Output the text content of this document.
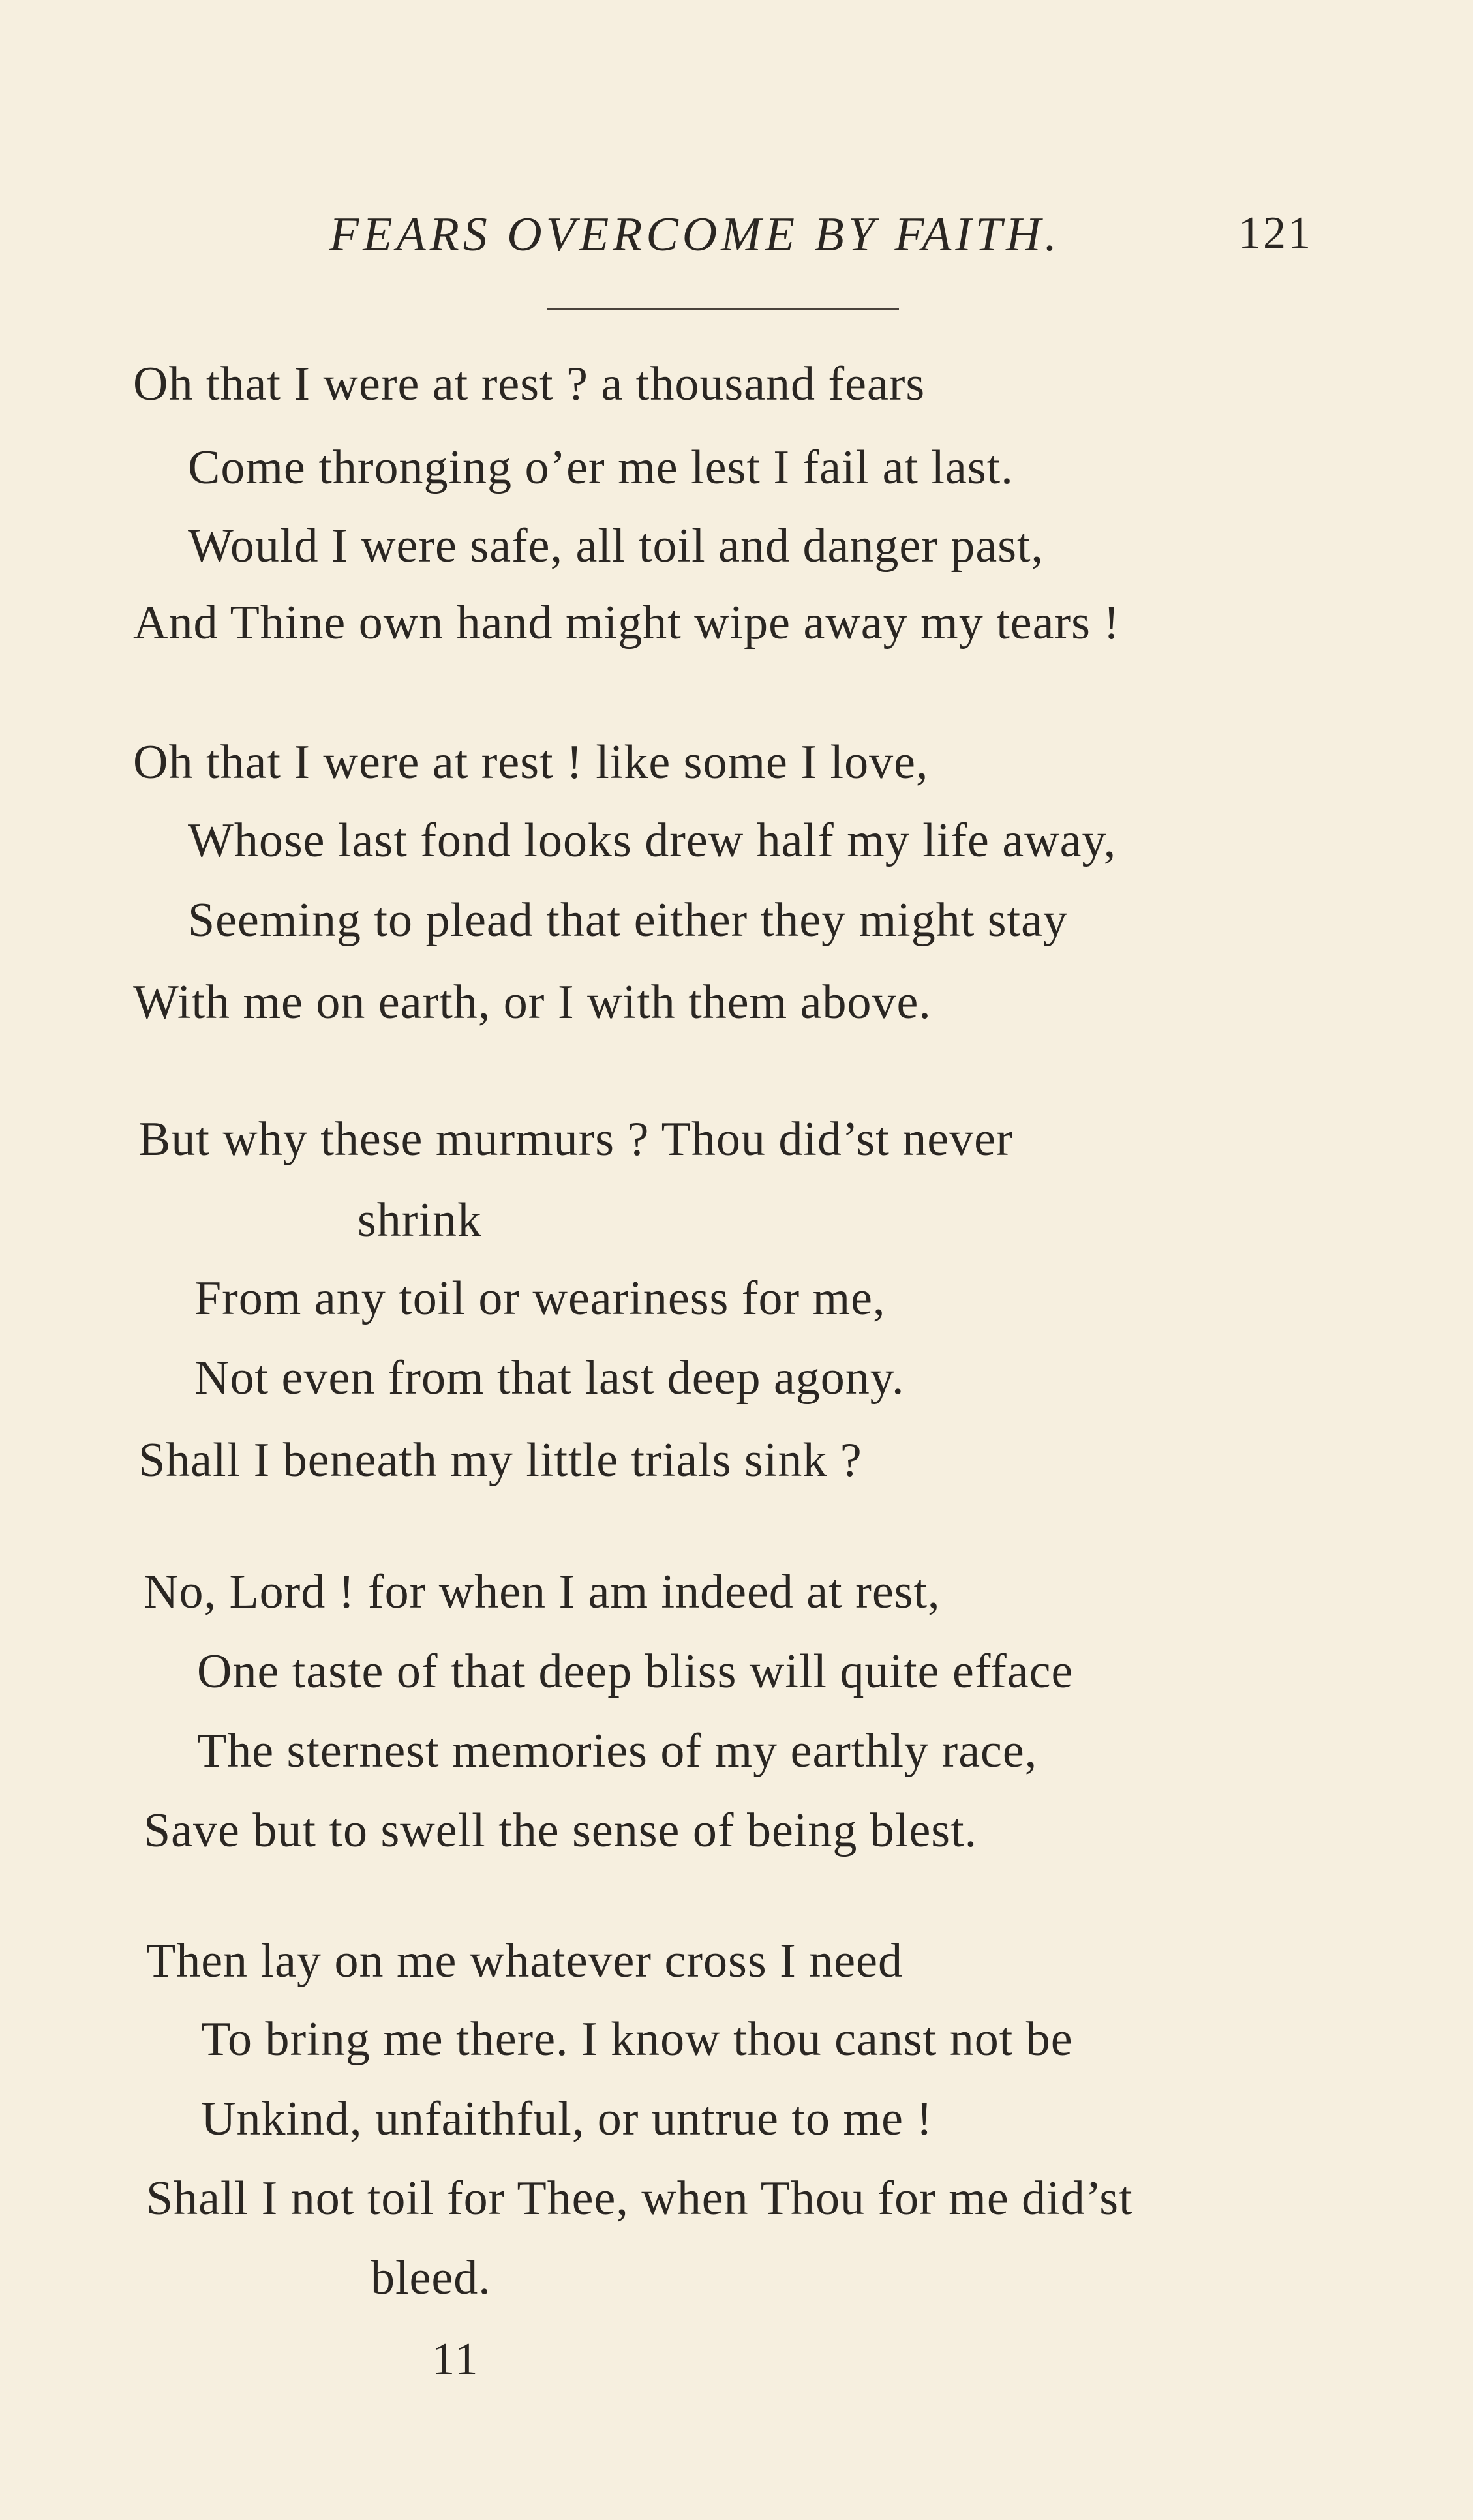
FEARS OVERCOME BY FAITH.	121
Oh that I were at rest ? a thousand fears
Come thronging o’er me lest I fail at last.
Would I were safe, all toil and danger past,
And Thine own hand might wipe away my tears !
Oh that I were at rest ! like some I love,
Whose last fond looks drew half my life away,
Seeming to plead that either they might stay
With me on earth, or I with them above.
But why these murmurs ? Thou did’st never
shrink
From any toil or weariness for me,
Not even from that last deep agony.
Shall I beneath my little trials sink ?
No, Lord ! for when I am indeed at rest,
One taste of that deep bliss will quite efface
The sternest memories of my earthly race,
Save but to swell the sense of being blest.
Then lay on me whatever cross I need
To bring me there. I know thou canst not be
Unkind, unfaithful, or untrue to me !
Shall I not toil for Thee, when Thou for me did’st
bleed.
11
